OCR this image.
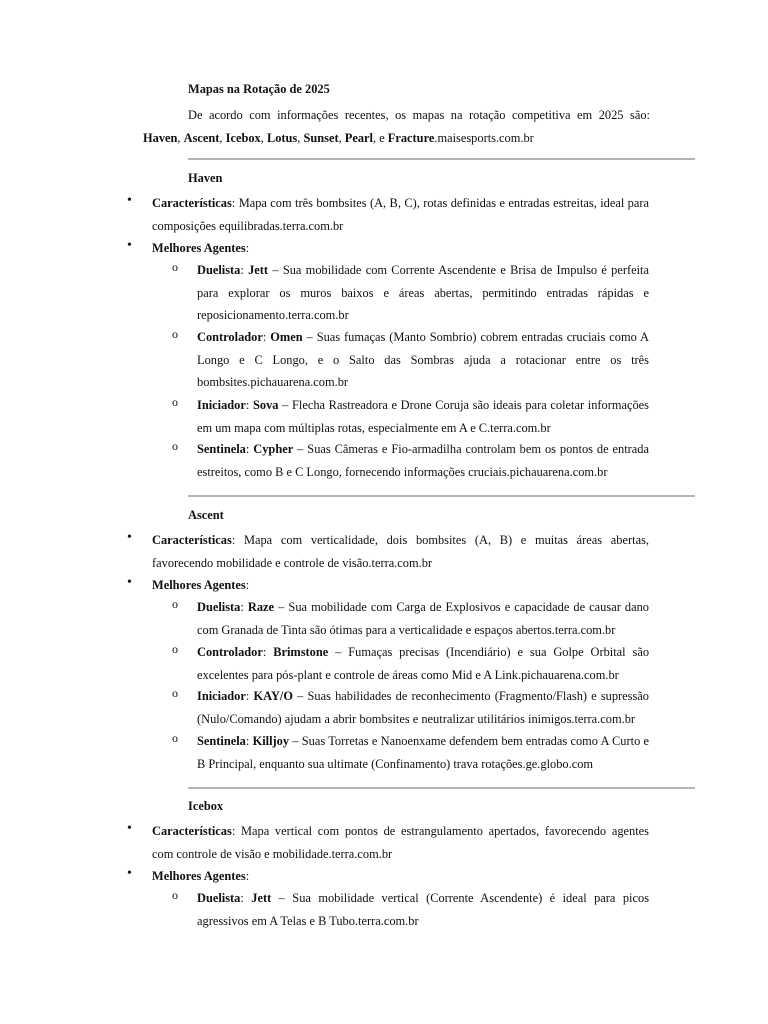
Mapas na Rotação de 2025
De acordo com informações recentes, os mapas na rotação competitiva em 2025 são:
Haven, Ascent, Icebox, Lotus, Sunset, Pearl, e Fracture.maisesports.com.br
Haven
• Características: Mapa com três bombsites (A, B, C), rotas definidas e entradas estreitas, ideal para composições equilibradas.terra.com.br
• Melhores Agentes:
o Duelista: Jett – Sua mobilidade com Corrente Ascendente e Brisa de Impulso é perfeita para explorar os muros baixos e áreas abertas, permitindo entradas rápidas e reposicionamento.terra.com.br
o Controlador: Omen – Suas fumaças (Manto Sombrio) cobrem entradas cruciais como A Longo e C Longo, e o Salto das Sombras ajuda a rotacionar entre os três bombsites.pichauarena.com.br
o Iniciador: Sova – Flecha Rastreadora e Drone Coruja são ideais para coletar informações em um mapa com múltiplas rotas, especialmente em A e C.terra.com.br
o Sentinela: Cypher – Suas Câmeras e Fio-armadilha controlam bem os pontos de entrada estreitos, como B e C Longo, fornecendo informações cruciais.pichauarena.com.br
Ascent
• Características: Mapa com verticalidade, dois bombsites (A, B) e muitas áreas abertas, favorecendo mobilidade e controle de visão.terra.com.br
• Melhores Agentes:
o Duelista: Raze – Sua mobilidade com Carga de Explosivos e capacidade de causar dano com Granada de Tinta são ótimas para a verticalidade e espaços abertos.terra.com.br
o Controlador: Brimstone – Fumaças precisas (Incendiário) e sua Golpe Orbital são excelentes para pós-plant e controle de áreas como Mid e A Link.pichauarena.com.br
o Iniciador: KAY/O – Suas habilidades de reconhecimento (Fragmento/Flash) e supressão (Nulo/Comando) ajudam a abrir bombsites e neutralizar utilitários inimigos.terra.com.br
o Sentinela: Killjoy – Suas Torretas e Nanoenxame defendem bem entradas como A Curto e B Principal, enquanto sua ultimate (Confinamento) trava rotações.ge.globo.com
Icebox
• Características: Mapa vertical com pontos de estrangulamento apertados, favorecendo agentes com controle de visão e mobilidade.terra.com.br
• Melhores Agentes:
o Duelista: Jett – Sua mobilidade vertical (Corrente Ascendente) é ideal para picos agressivos em A Telas e B Tubo.terra.com.br
